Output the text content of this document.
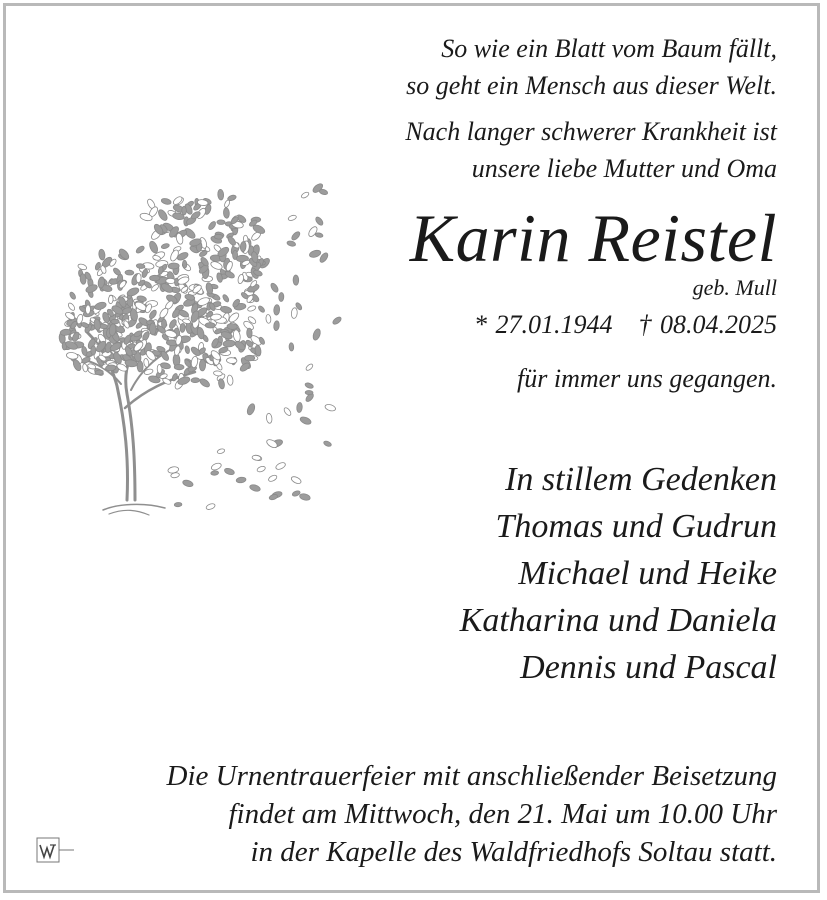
So wie ein Blatt vom Baum fällt,
so geht ein Mensch aus dieser Welt.
Nach langer schwerer Krankheit ist
unsere liebe Mutter und Oma
Karin Reistel
geb. Mull
* 27.01.1944 † 08.04.2025
für immer uns gegangen.
In stillem Gedenken
Thomas und Gudrun
Michael und Heike
Katharina und Daniela
Dennis und Pascal
Die Urnentrauerfeier mit anschließender Beisetzung
findet am Mittwoch, den 21. Mai um 10.00 Uhr
in der Kapelle des Waldfriedhofs Soltau statt.
